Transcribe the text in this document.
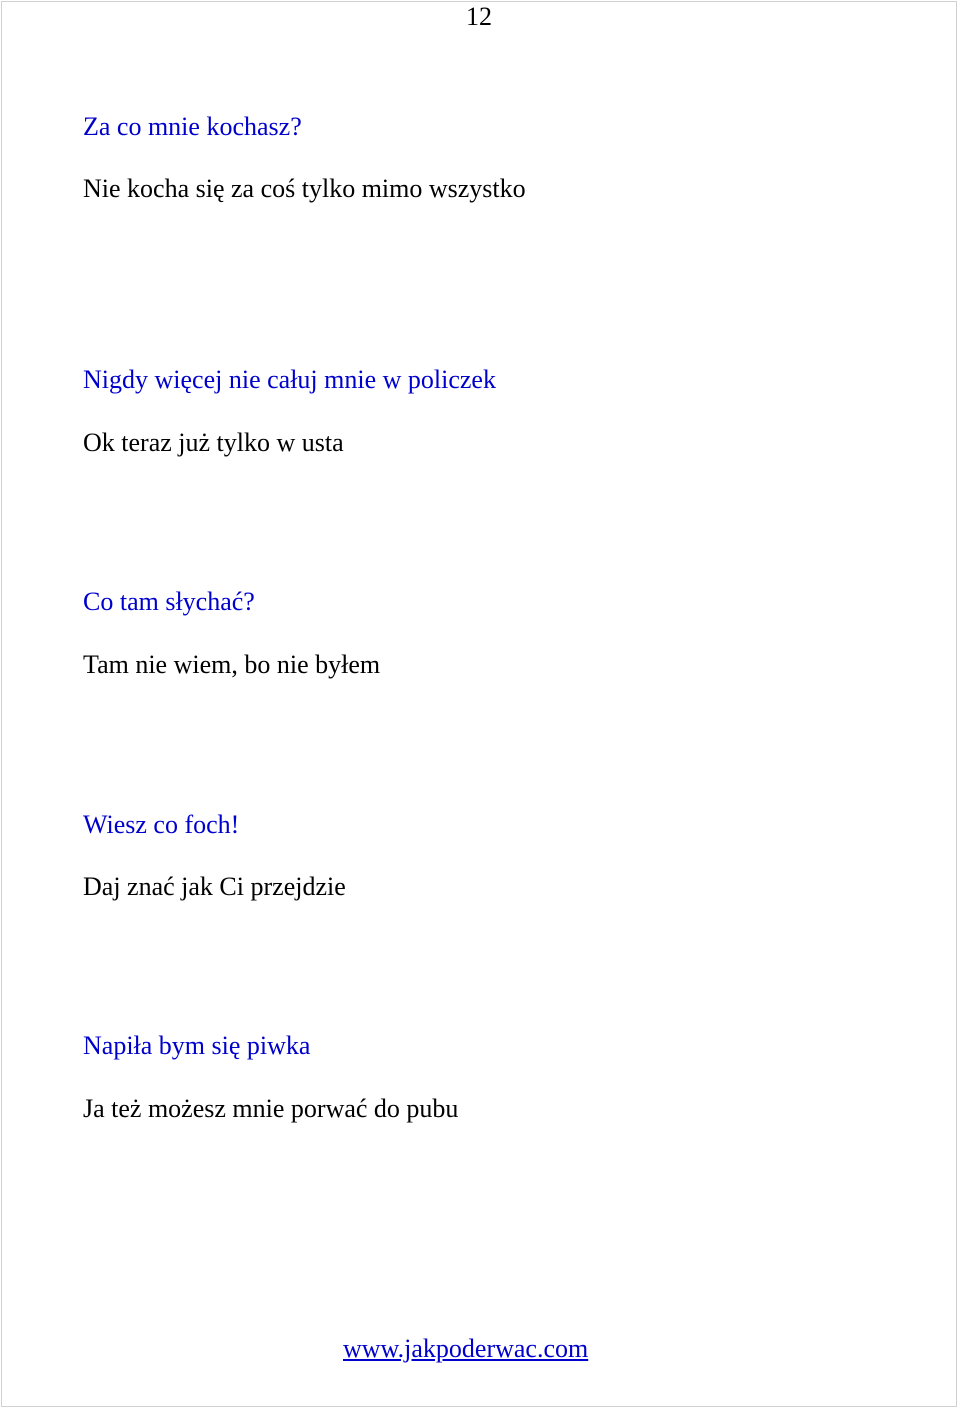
12
Za co mnie kochasz?
Nie kocha się za coś tylko mimo wszystko
Nigdy więcej nie całuj mnie w policzek
Ok teraz już tylko w usta
Co tam słychać?
Tam nie wiem, bo nie byłem
Wiesz co foch!
Daj znać jak Ci przejdzie
Napiła bym się piwka
Ja też możesz mnie porwać do pubu
www.jakpoderwac.com
